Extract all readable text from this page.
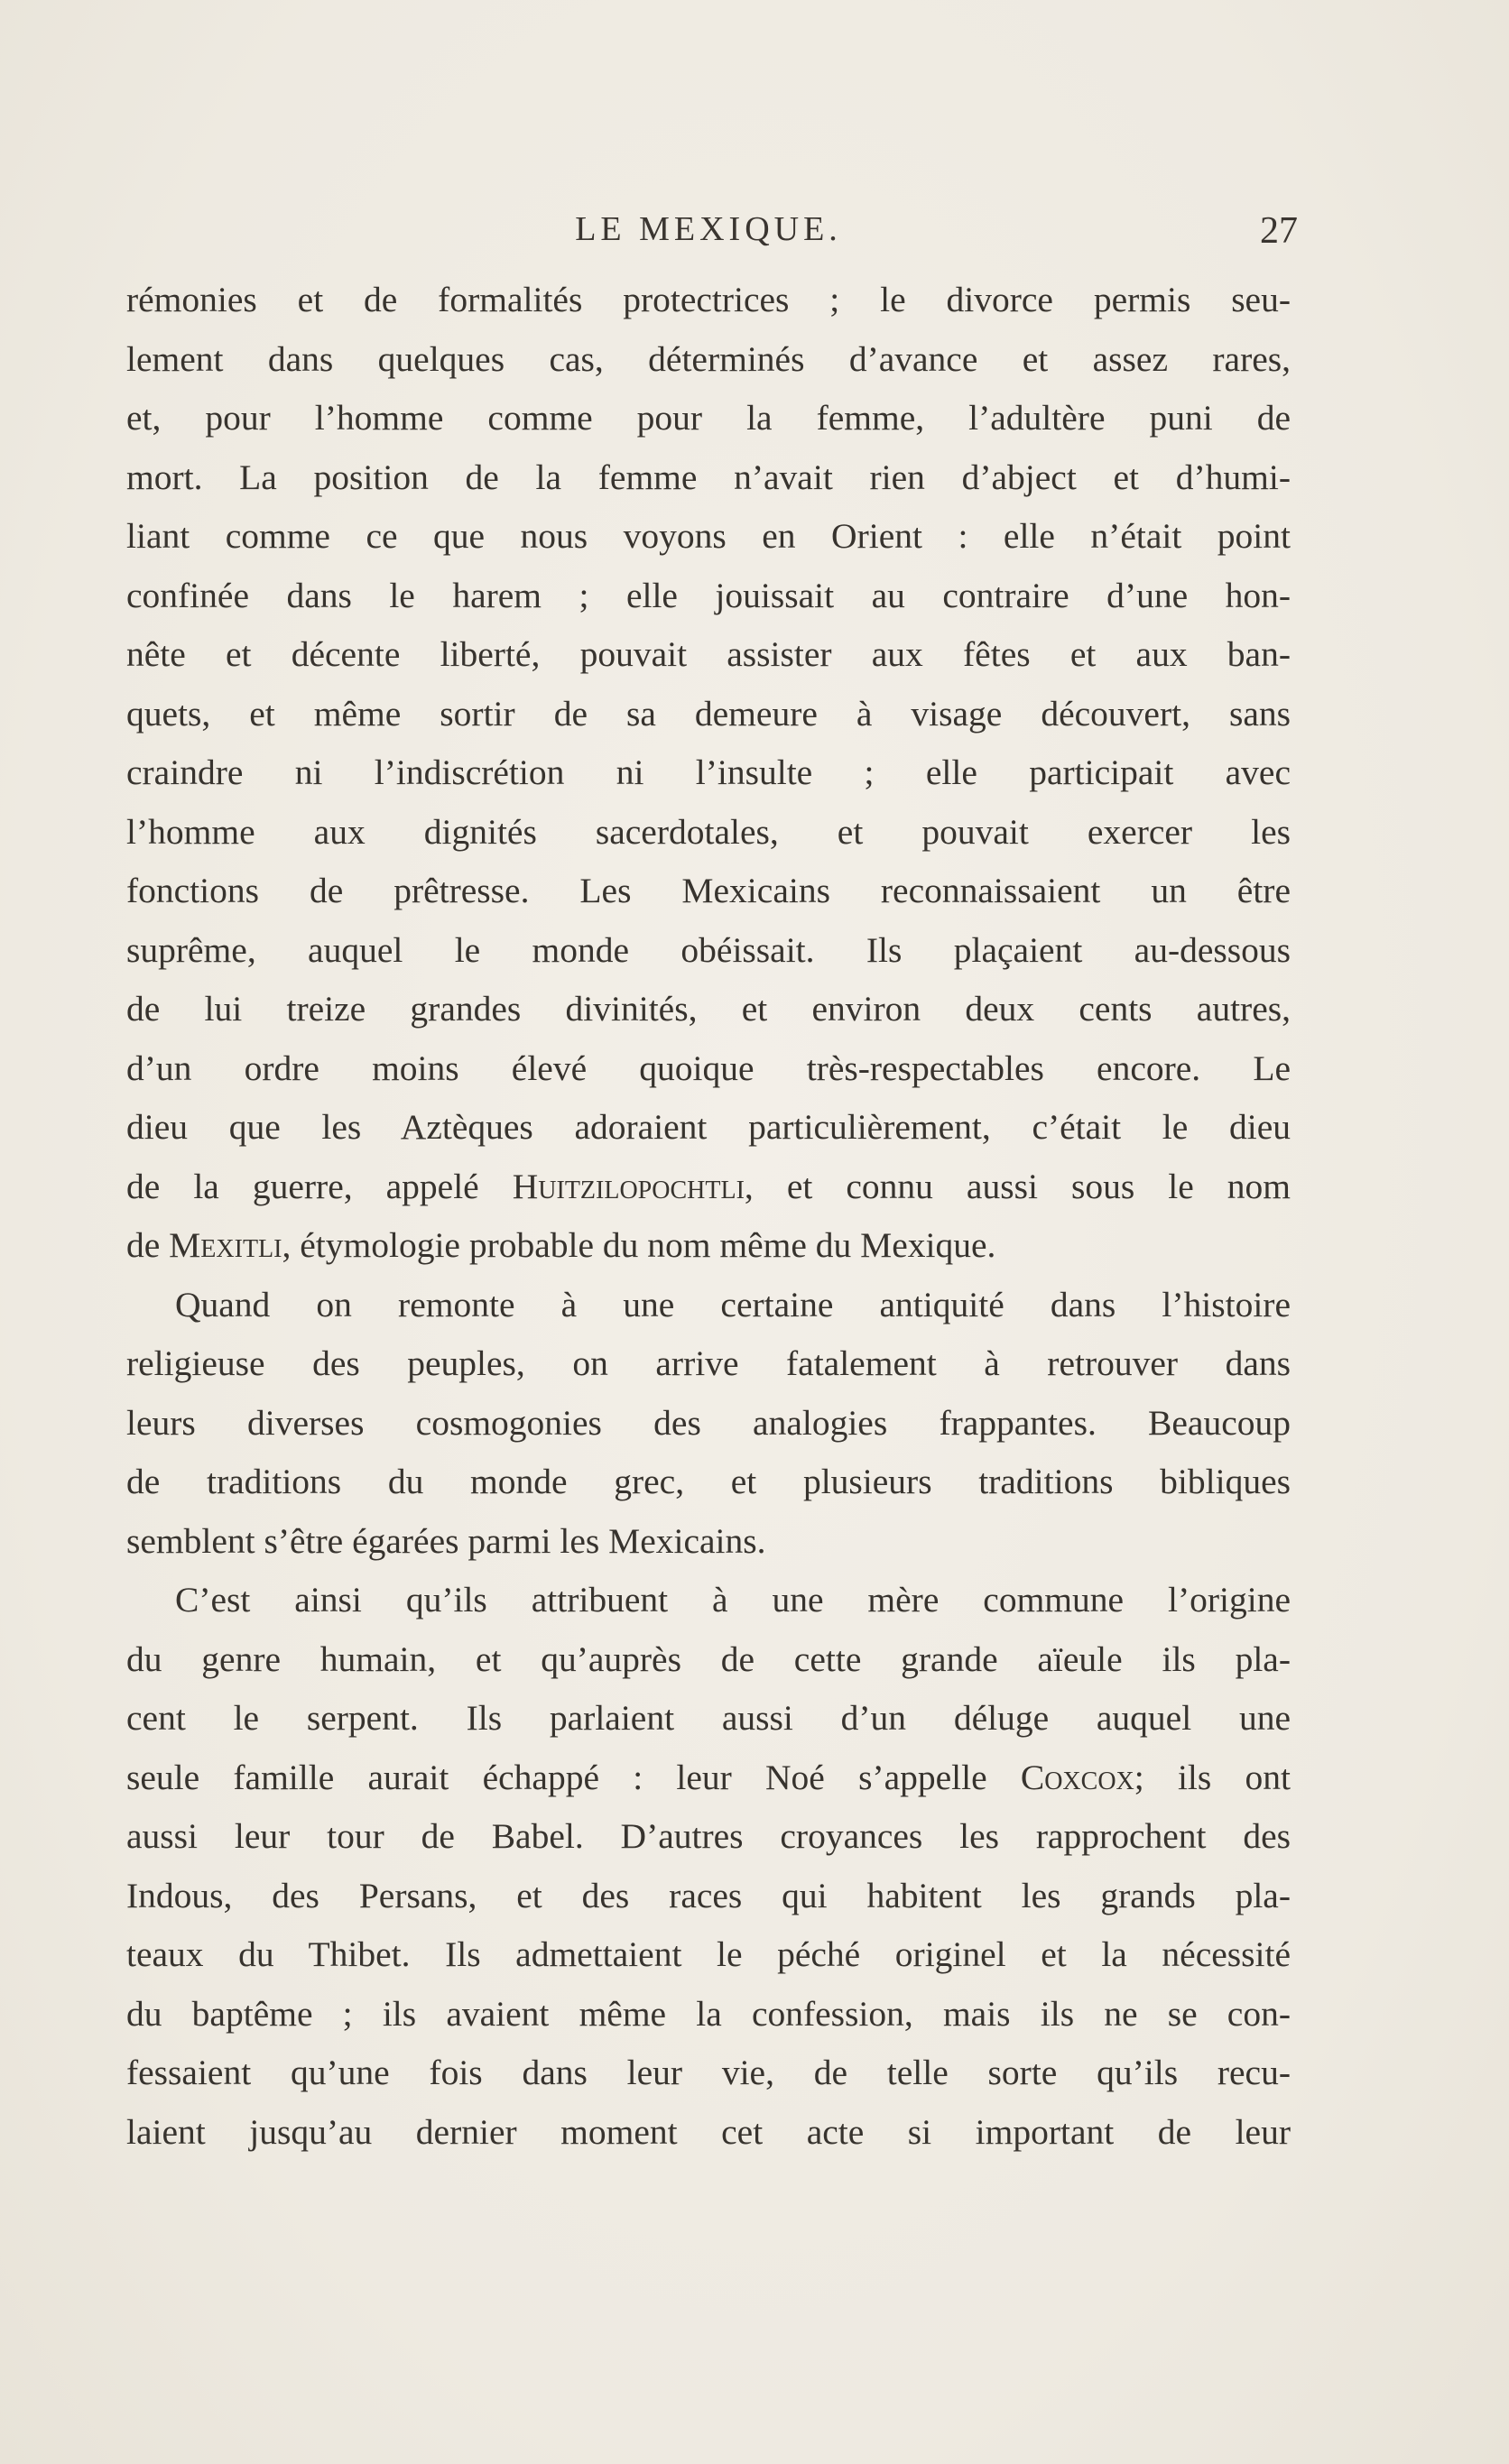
LE MEXIQUE.	27
rémonies et de formalités protectrices ; le divorce permis seu-
lement dans quelques cas, déterminés d’avance et assez rares,
et, pour l’homme comme pour la femme, l’adultère puni de
mort. La position de la femme n’avait rien d’abject et d’humi-
liant comme ce que nous voyons en Orient : elle n’était point
confinée dans le harem ; elle jouissait au contraire d’une hon-
nête et décente liberté, pouvait assister aux fêtes et aux ban-
quets, et même sortir de sa demeure à visage découvert, sans
craindre ni l’indiscrétion ni l’insulte ; elle participait avec
l’homme aux dignités sacerdotales, et pouvait exercer les
fonctions de prêtresse. Les Mexicains reconnaissaient un être
suprême, auquel le monde obéissait. Ils plaçaient au-dessous
de lui treize grandes divinités, et environ deux cents autres,
d’un ordre moins élevé quoique très-respectables encore. Le
dieu que les Aztèques adoraient particulièrement, c’était le dieu
de la guerre, appelé Huitzilopochtli, et connu aussi sous le nom
de Mexitli, étymologie probable du nom même du Mexique.
Quand on remonte à une certaine antiquité dans l’histoire
religieuse des peuples, on arrive fatalement à retrouver dans
leurs diverses cosmogonies des analogies frappantes. Beaucoup
de traditions du monde grec, et plusieurs traditions bibliques
semblent s’être égarées parmi les Mexicains.
C’est ainsi qu’ils attribuent à une mère commune l’origine
du genre humain, et qu’auprès de cette grande aïeule ils pla-
cent le serpent. Ils parlaient aussi d’un déluge auquel une
seule famille aurait échappé : leur Noé s’appelle Coxcox; ils ont
aussi leur tour de Babel. D’autres croyances les rapprochent des
Indous, des Persans, et des races qui habitent les grands pla-
teaux du Thibet. Ils admettaient le péché originel et la nécessité
du baptême ; ils avaient même la confession, mais ils ne se con-
fessaient qu’une fois dans leur vie, de telle sorte qu’ils recu-
laient jusqu’au dernier moment cet acte si important de leur
